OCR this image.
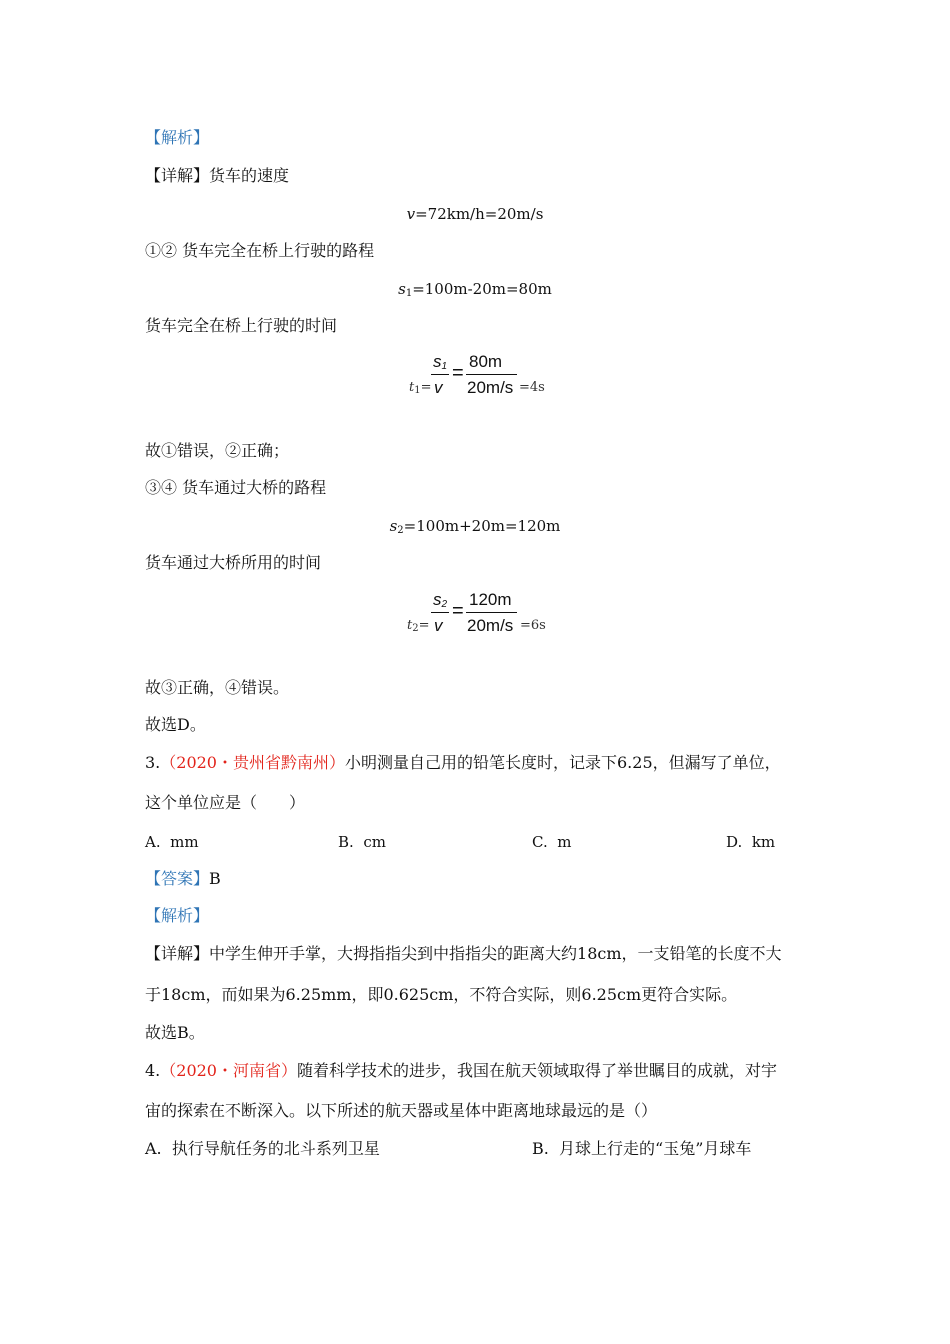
【解析】
【详解】货车的速度
v=72km/h=20m/s
①② 货车完全在桥上行驶的路程
$s_1=100m-20m=80m$
货车完全在桥上行驶的时间
$t_1=$
$s_1$
v
=
80m
20m/s =4s
故①错误，②正确；
③④ 货车通过大桥的路程
$s_2=100m+20m=120m$
货车通过大桥所用的时间
$t_2=$
$s_2$
v
=
120m
20m/s =6s
故③正确，④错误。
故选D。
3.（2020・贵州省黔南州）小明测量自己用的铅笔长度时，记录下6.25，但漏写了单位，
这个单位应是（　　）
A. mm	B. cm	C. m	D. km
【答案】B
【解析】
【详解】中学生伸开手掌，大拇指指尖到中指指尖的距离大约18cm，一支铅笔的长度不大
于18cm，而如果为6.25mm，即0.625cm，不符合实际，则6.25cm更符合实际。
故选B。
4.（2020・河南省）随着科学技术的进步，我国在航天领域取得了举世瞩目的成就，对宇
宙的探索在不断深入。以下所述的航天器或星体中距离地球最远的是（）
A. 执行导航任务的北斗系列卫星	B. 月球上行走的“玉兔”月球车
